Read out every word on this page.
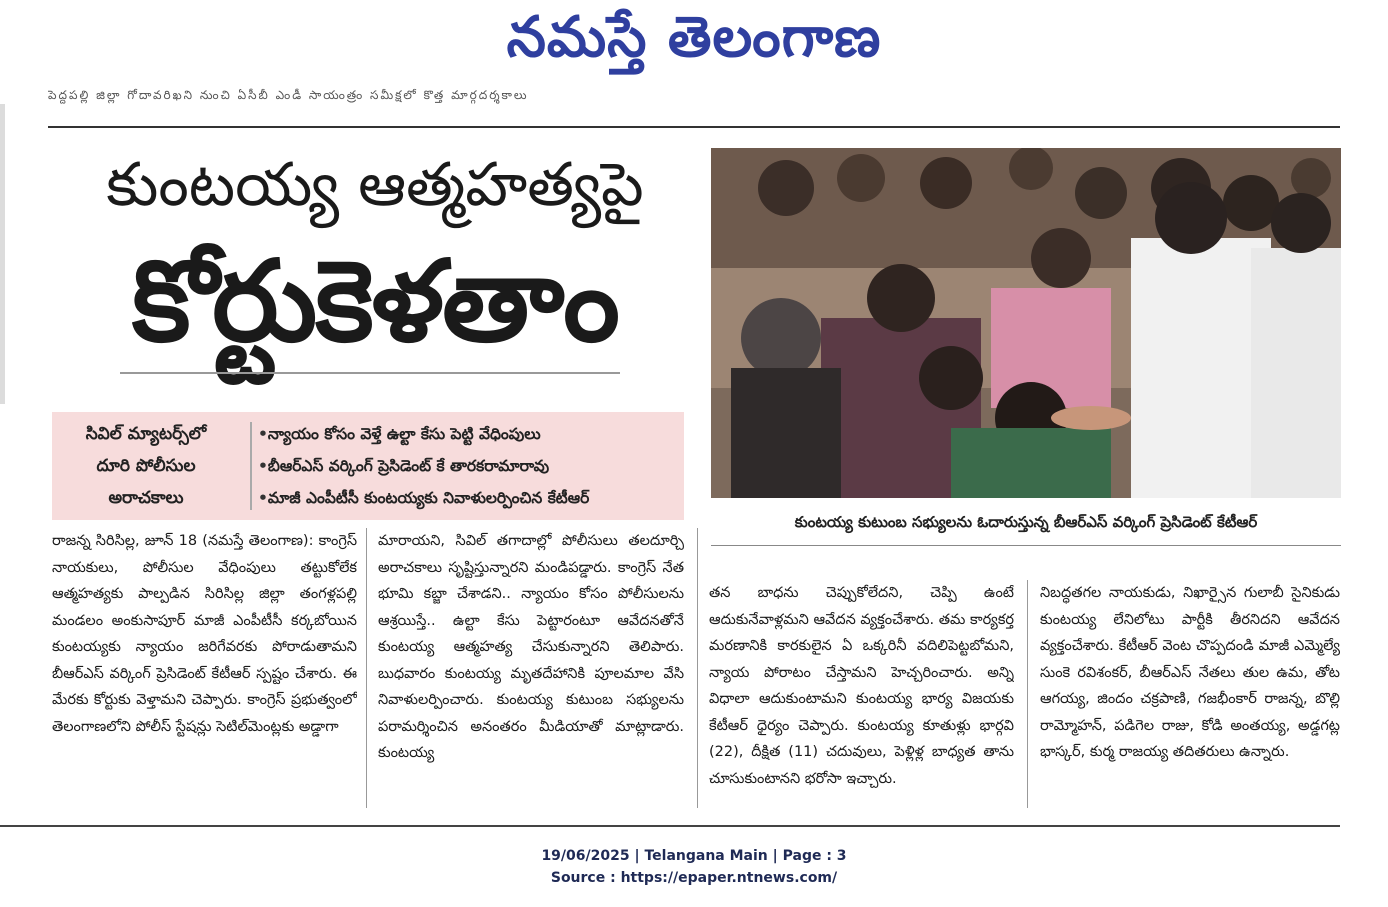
నమస్తే తెలంగాణ
పెద్దపల్లి జిల్లా గోదావరిఖని నుంచి ఏసీబీ ఎండీ సాయంత్రం సమీక్షలో కొత్త మార్గదర్శకాలు
కుంటయ్య ఆత్మహత్యపై
కోర్టుకెళతాం
సివిల్ మ్యాటర్స్‌లో
దూరి పోలీసుల
అరాచకాలు
• న్యాయం కోసం వెళ్తే ఉల్టా కేసు పెట్టి వేధింపులు
• బీఆర్‌ఎస్ వర్కింగ్ ప్రెసిడెంట్ కే తారకరామారావు
• మాజీ ఎంపీటీసీ కుంటయ్యకు నివాళులర్పించిన కేటీఆర్
కుంటయ్య కుటుంబ సభ్యులను ఓదారుస్తున్న బీఆర్‌ఎస్ వర్కింగ్ ప్రెసిడెంట్ కేటీఆర్

రాజన్న సిరిసిల్ల, జూన్ 18 (నమస్తే తెలంగాణ): కాంగ్రెస్ నాయకులు, పోలీసుల వేధింపులు తట్టుకోలేక ఆత్మహత్యకు పాల్పడిన సిరిసిల్ల జిల్లా తంగళ్లపల్లి మండలం అంకుసాపూర్ మాజీ ఎంపీటీసీ కర్కబోయిన కుంటయ్యకు న్యాయం జరిగేవరకు పోరాడుతామని బీఆర్‌ఎస్ వర్కింగ్ ప్రెసిడెంట్ కేటీఆర్ స్పష్టం చేశారు. ఈ మేరకు కోర్టుకు వెళ్తామని చెప్పారు. కాంగ్రెస్ ప్రభుత్వంలో తెలంగాణలోని పోలీస్ స్టేషన్లు సెటిల్‌మెంట్లకు అడ్డాగా

మారాయని, సివిల్ తగాదాల్లో పోలీసులు తలదూర్చి అరాచకాలు సృష్టిస్తున్నారని మండిపడ్డారు. కాంగ్రెస్ నేత భూమి కబ్జా చేశాడని.. న్యాయం కోసం పోలీసులను ఆశ్రయిస్తే.. ఉల్టా కేసు పెట్టారంటూ ఆవేదనతోనే కుంటయ్య ఆత్మహత్య చేసుకున్నారని తెలిపారు. బుధవారం కుంటయ్య మృతదేహానికి పూలమాల వేసి నివాళులర్పించారు. కుంటయ్య కుటుంబ సభ్యులను పరామర్శించిన అనంతరం మీడియాతో మాట్లాడారు. కుంటయ్య

తన బాధను చెప్పుకోలేదని, చెప్పి ఉంటే ఆదుకునేవాళ్లమని ఆవేదన వ్యక్తంచేశారు. తమ కార్యకర్త మరణానికి కారకులైన ఏ ఒక్కరినీ వదిలిపెట్టబోమని, న్యాయ పోరాటం చేస్తామని హెచ్చరించారు. అన్ని విధాలా ఆదుకుంటామని కుంటయ్య భార్య విజయకు కేటీఆర్ ధైర్యం చెప్పారు. కుంటయ్య కూతుళ్లు భార్గవి (22), దీక్షిత (11) చదువులు, పెళ్లిళ్ల బాధ్యత తాను చూసుకుంటానని భరోసా ఇచ్చారు.

నిబద్ధతగల నాయకుడు, నిఖార్సైన గులాబీ సైనికుడు కుంటయ్య లేనిలోటు పార్టీకి తీరనిదని ఆవేదన వ్యక్తంచేశారు. కేటీఆర్ వెంట చొప్పదండి మాజీ ఎమ్మెల్యే సుంకె రవిశంకర్, బీఆర్‌ఎస్ నేతలు తుల ఉమ, తోట ఆగయ్య, జిందం చక్రపాణి, గజభీంకార్ రాజన్న, బొల్లి రామ్మోహన్, పడిగెల రాజు, కోడి అంతయ్య, అడ్డగట్ల భాస్కర్, కుర్మ రాజయ్య తదితరులు ఉన్నారు.

19/06/2025 | Telangana Main | Page : 3
Source : https://epaper.ntnews.com/
